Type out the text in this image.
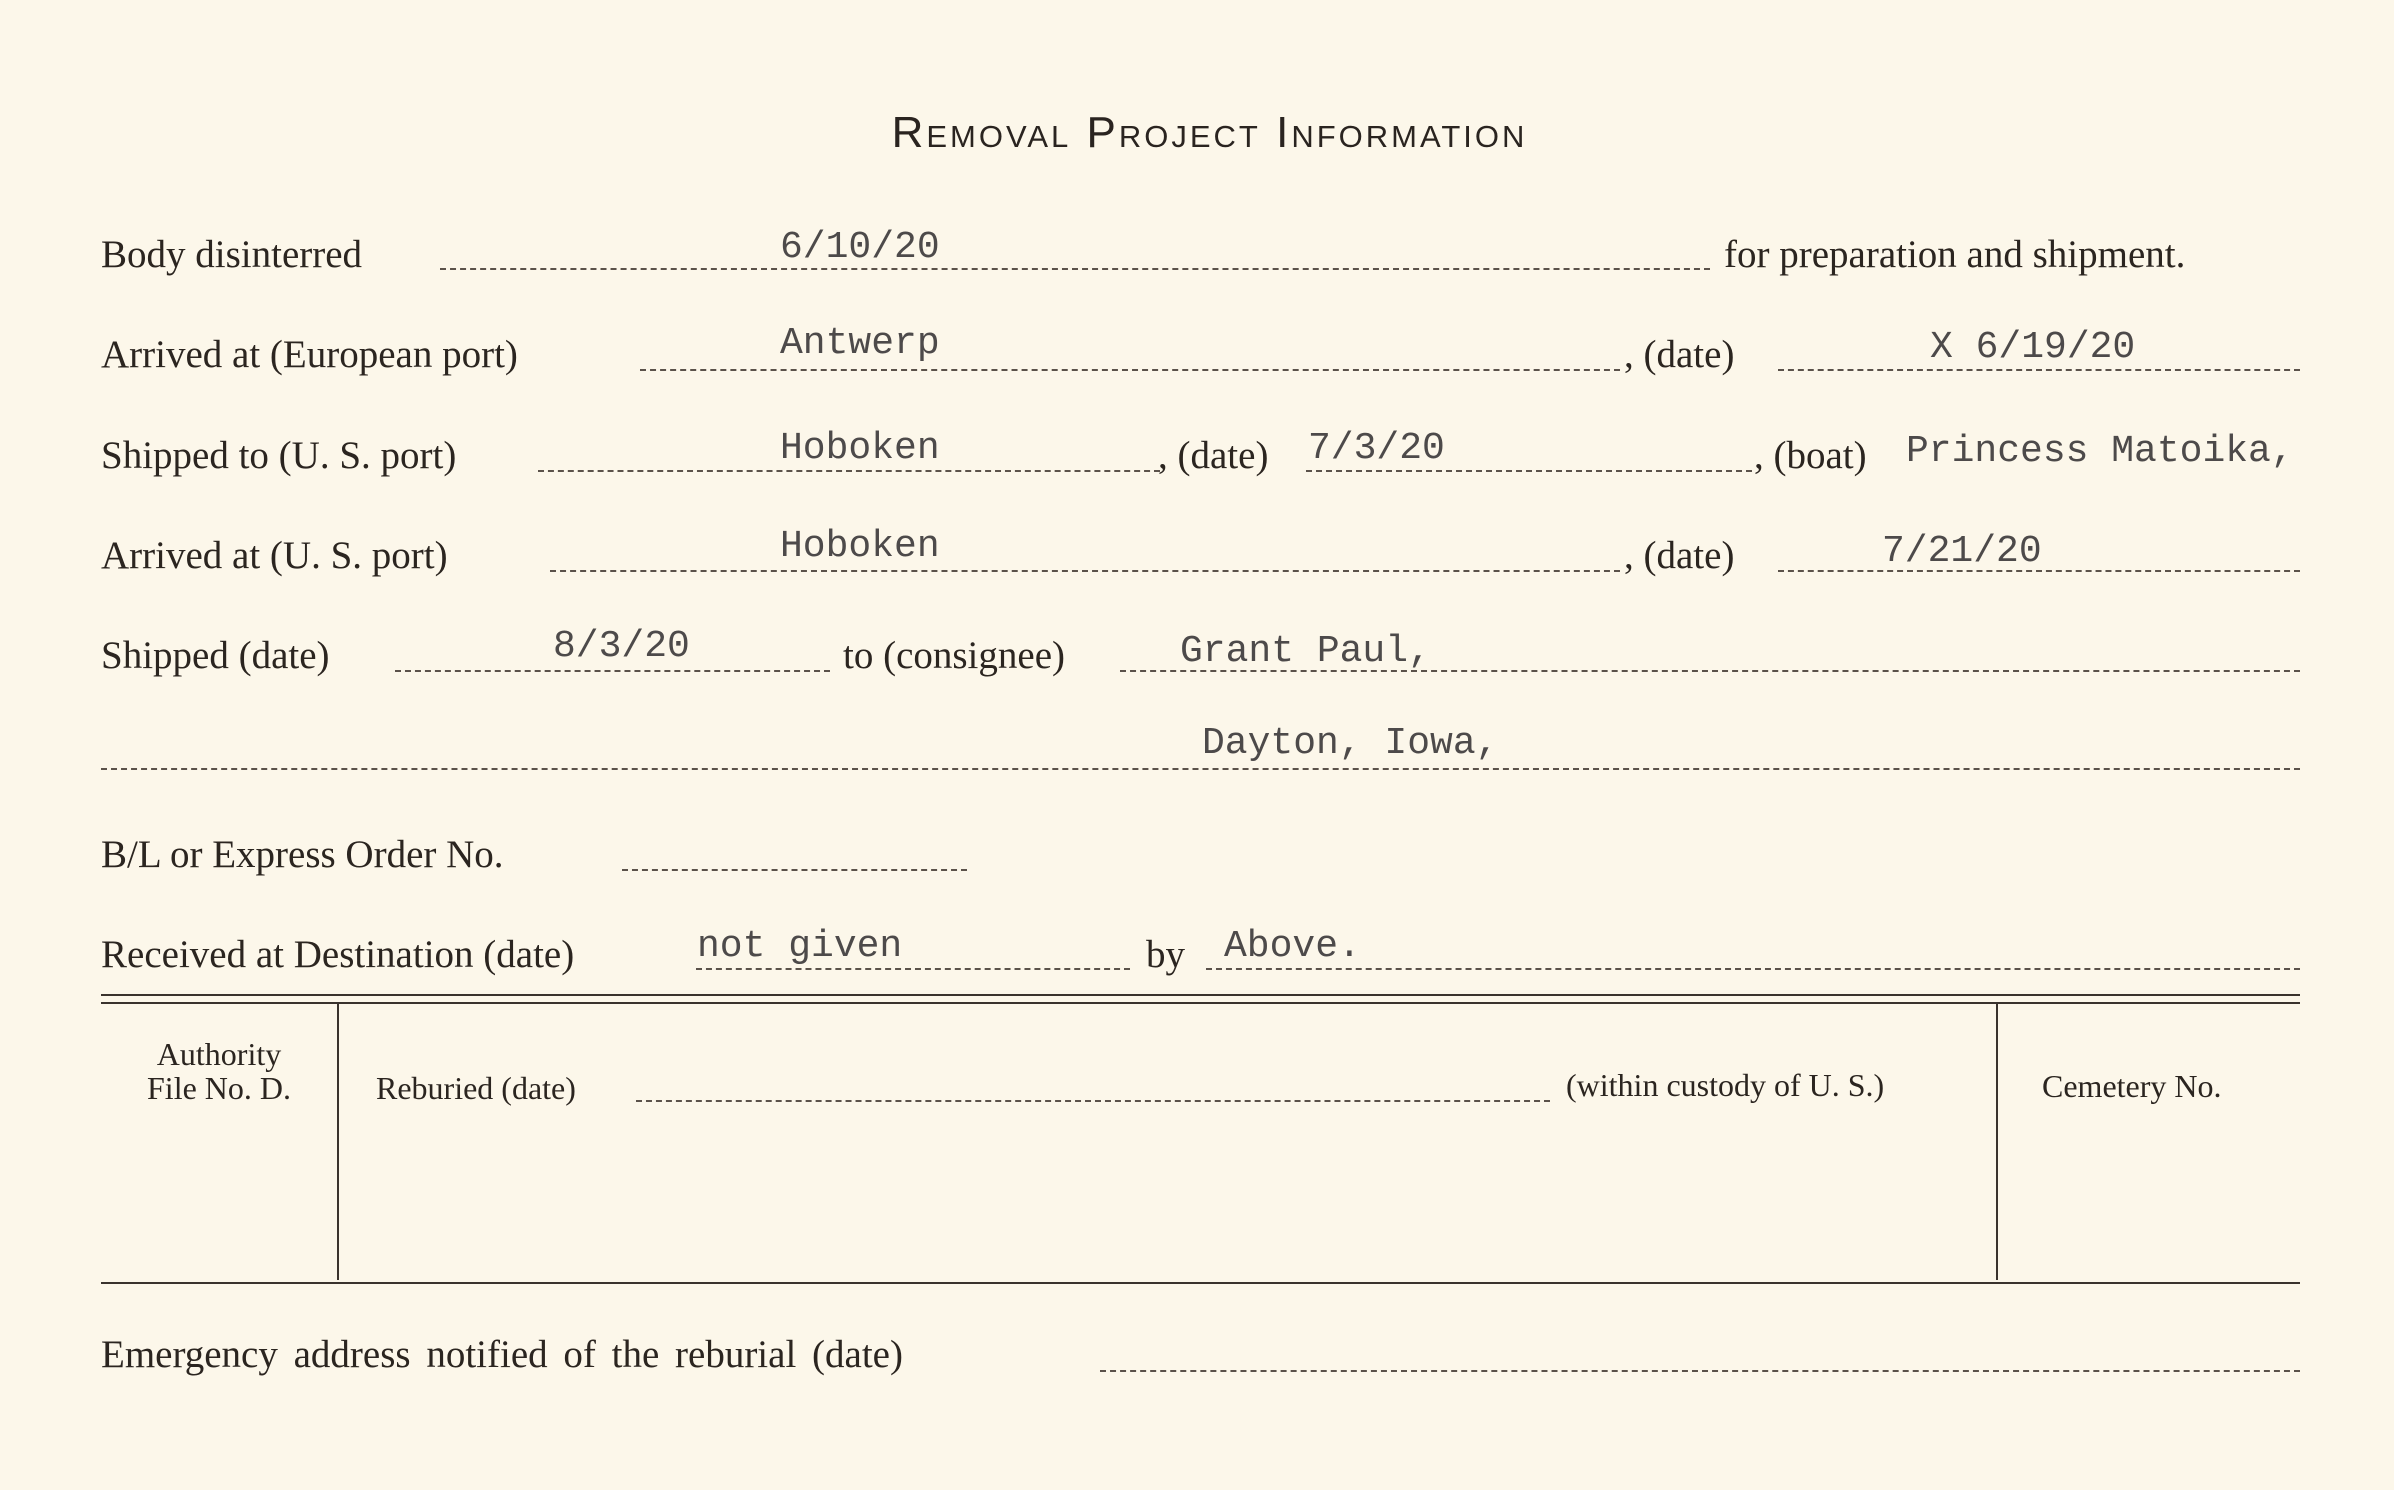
Removal Project Information
Body disinterred	6/10/20	for preparation and shipment.
Arrived at (European port)	Antwerp	, (date)	X 6/19/20
Shipped to (U. S. port)	Hoboken	, (date) 7/3/20	, (boat) Princess Matoika,
Arrived at (U. S. port)	Hoboken	, (date)	7/21/20
Shipped (date)	8/3/20	to (consignee)	Grant Paul,
Dayton, Iowa,
B/L or Express Order No.
Received at Destination (date)	not given	by Above.
Authority
File No. D.	Reburied (date)	(within custody of U. S.)	Cemetery No.
Emergency address notified of the reburial (date)
